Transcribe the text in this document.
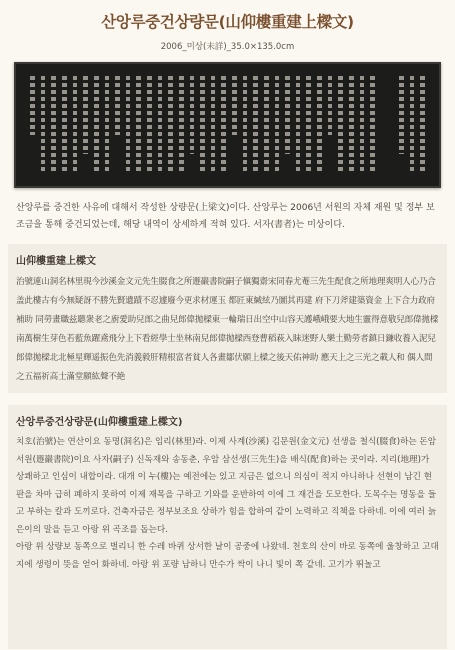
산앙루중건상량문(山仰樓重建上樑文)
2006_미상(未詳)_35.0×135.0cm
산앙루를 중건한 사유에 대해서 작성한 상량문(上梁文)이다. 산앙루는 2006년 서원의 자체 재원 및 정부 보조금을 통해 중건되었는데, 해당 내역이 상세하게 적혀 있다. 서자(書者)는 미상이다.
山仰樓重建上樑文
治號連山洞名林里現今沙溪金文元先生腏食之所遯巖書院嗣子愼獨齋宋同春尤菴三先生配食之所地理爽明人心乃合盖此樓古有今無疑訝不勝先賢遺蹟不忍遽廢今更求材運玉 都匠東緘絃乃圖其再建 府下刀斧建築資金 上下合力政府補助 同勞畫職兹聽衆老之廚愛助兒郎之曲兒郎偉拋樑東一輪瑞日出空中山容天護峨峨要大地生靈得意敬兒郎偉拋樑南萬樹生芽色若藍魚躍鳶飛分上下看經學士坐林南兒郎偉拋樑西登曹稻萩入眛迷野人樂土勤勞者鎮日鎌收養入泥兒郎偉拋樑北北極星輝遥振色先消義毅肝精根富者貧人各畫鄒伏願上樑之後天佑神助 應天上之三光之載人和 偶人間之五福祈高士滿堂願紘聲不絶
산앙루중건상량문(山仰樓重建上樑文)
치호(治號)는 연산이요 동명(洞名)은 임리(林里)라. 이제 사계(沙溪) 김문원(金文元) 선생을 철식(腏食)하는 돈암서원(遯巖書院)이요 사자(嗣子) 신독재와 송동춘, 우암 삼선생(三先生)을 배식(配食)하는 곳이라. 지리(地理)가 상쾌하고 인심이 내합이라. 대개 이 누(樓)는 예전에는 있고 지금은 없으니 의심이 적지 아니하나 선현이 남긴 현판을 차마 급히 폐하지 못하여 이제 재목을 구하고 기와를 운반하여 이에 그 재건을 도모한다. 도목수는 명동을 들고 부하는 칼과 도끼로다. 건축자금은 정부보조요 상하가 힘을 합하여 같이 노력하고 직책을 다하네. 이에 여러 늙은이의 말을 듣고 아랑 위 곡조를 돕는다.
아랑 위 상량보 동쪽으로 벌리니 한 수레 바퀴 상서한 날이 공중에 나왔네. 천호의 산이 바로 동쪽에 울창하고 고대지에 생령이 뜻을 얻어 화하네. 아랑 위 포량 남하니 만수가 싹이 나니 빛이 쪽 같네. 고기가 뛰놀고
